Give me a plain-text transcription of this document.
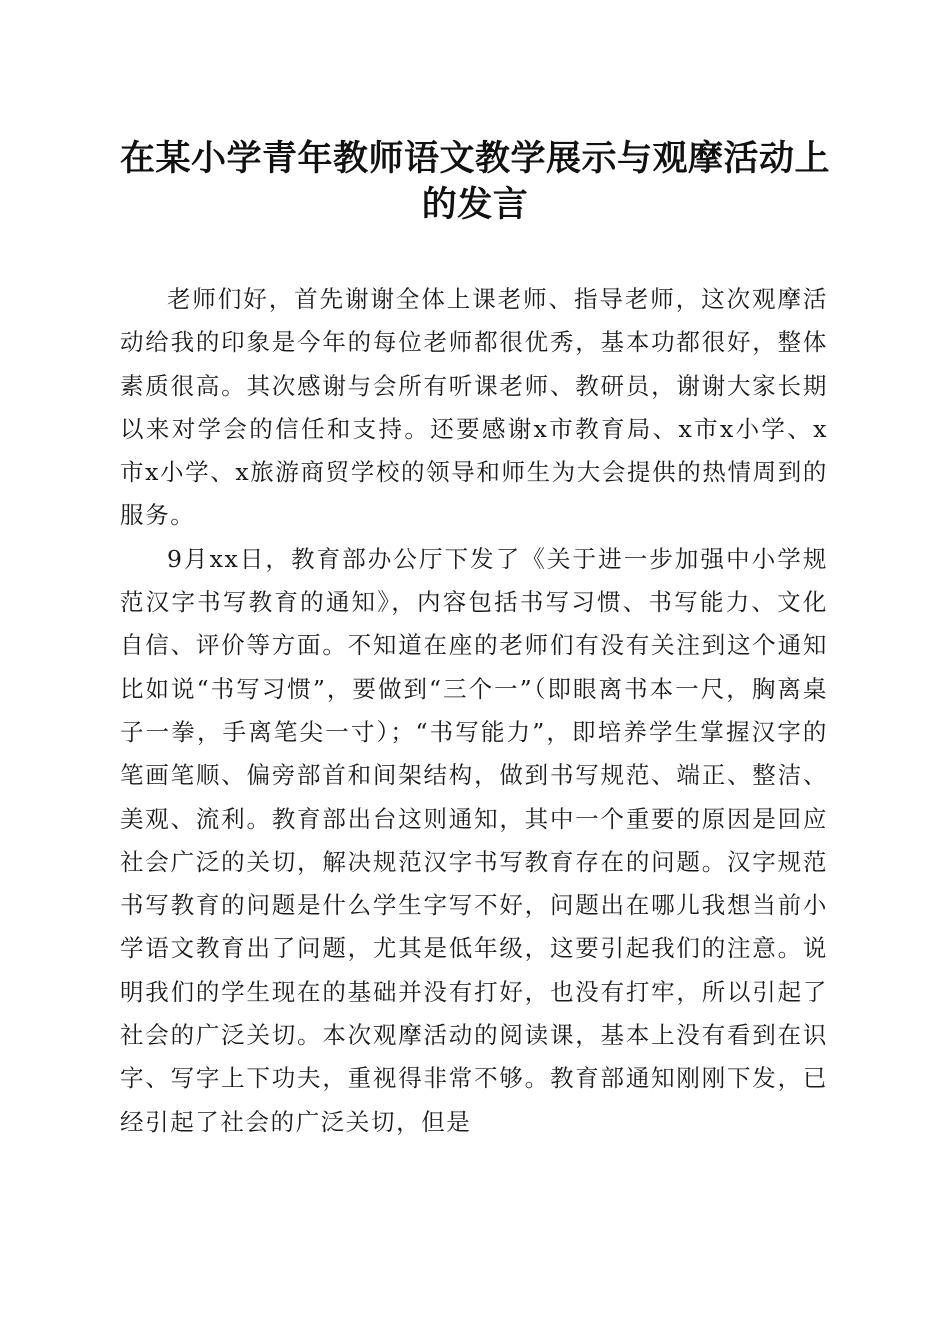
在某小学青年教师语文教学展示与观摩活动上的发言

老师们好，首先谢谢全体上课老师、指导老师，这次观摩活动给我的印象是今年的每位老师都很优秀，基本功都很好，整体素质很高。其次感谢与会所有听课老师、教研员，谢谢大家长期以来对学会的信任和支持。还要感谢x市教育局、x市x小学、x市x小学、x旅游商贸学校的领导和师生为大会提供的热情周到的服务。

9月xx日，教育部办公厅下发了《关于进一步加强中小学规范汉字书写教育的通知》，内容包括书写习惯、书写能力、文化自信、评价等方面。不知道在座的老师们有没有关注到这个通知比如说“书写习惯”，要做到“三个一”（即眼离书本一尺，胸离桌子一拳，手离笔尖一寸）；“书写能力”，即培养学生掌握汉字的笔画笔顺、偏旁部首和间架结构，做到书写规范、端正、整洁、美观、流利。教育部出台这则通知，其中一个重要的原因是回应社会广泛的关切，解决规范汉字书写教育存在的问题。汉字规范书写教育的问题是什么学生字写不好，问题出在哪儿我想当前小学语文教育出了问题，尤其是低年级，这要引起我们的注意。说明我们的学生现在的基础并没有打好，也没有打牢，所以引起了社会的广泛关切。本次观摩活动的阅读课，基本上没有看到在识字、写字上下功夫，重视得非常不够。教育部通知刚刚下发，已经引起了社会的广泛关切，但是
